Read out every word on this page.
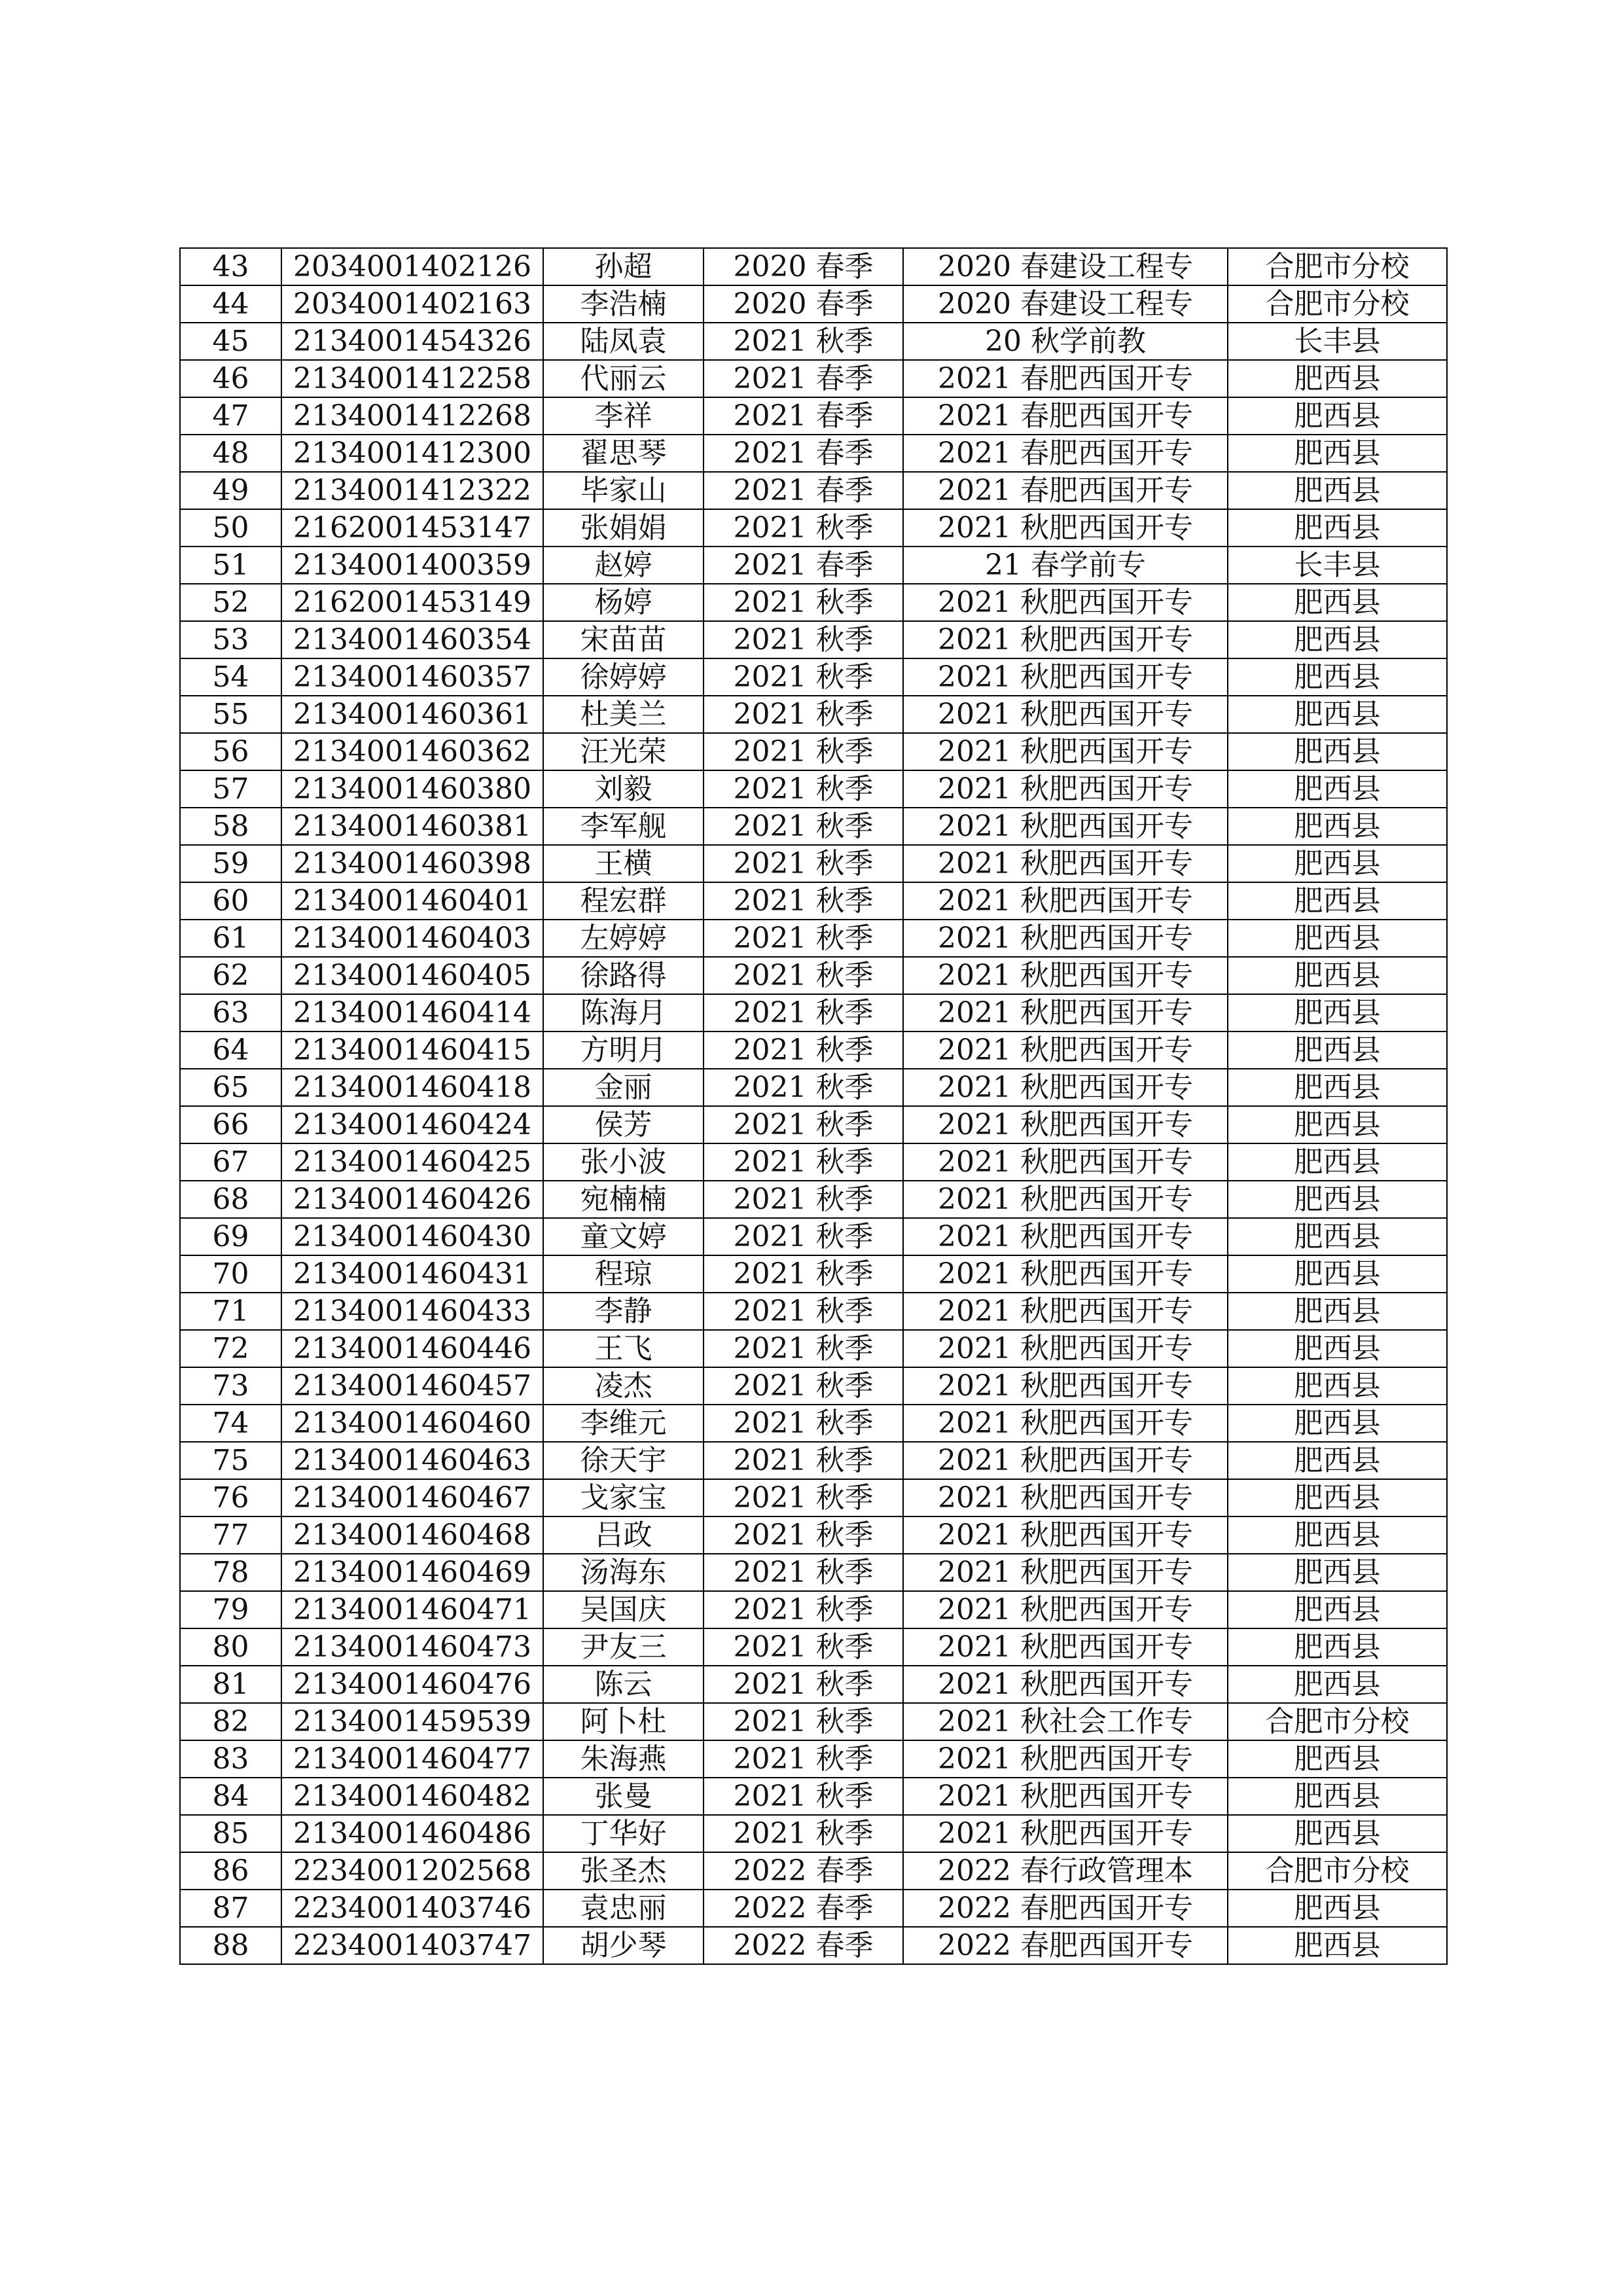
43	2034001402126	孙超	2020 春季	2020 春建设工程专	合肥市分校
44	2034001402163	李浩楠	2020 春季	2020 春建设工程专	合肥市分校
45	2134001454326	陆凤袁	2021 秋季	20 秋学前教	长丰县
46	2134001412258	代丽云	2021 春季	2021 春肥西国开专	肥西县
47	2134001412268	李祥	2021 春季	2021 春肥西国开专	肥西县
48	2134001412300	翟思琴	2021 春季	2021 春肥西国开专	肥西县
49	2134001412322	毕家山	2021 春季	2021 春肥西国开专	肥西县
50	2162001453147	张娟娟	2021 秋季	2021 秋肥西国开专	肥西县
51	2134001400359	赵婷	2021 春季	21 春学前专	长丰县
52	2162001453149	杨婷	2021 秋季	2021 秋肥西国开专	肥西县
53	2134001460354	宋苗苗	2021 秋季	2021 秋肥西国开专	肥西县
54	2134001460357	徐婷婷	2021 秋季	2021 秋肥西国开专	肥西县
55	2134001460361	杜美兰	2021 秋季	2021 秋肥西国开专	肥西县
56	2134001460362	汪光荣	2021 秋季	2021 秋肥西国开专	肥西县
57	2134001460380	刘毅	2021 秋季	2021 秋肥西国开专	肥西县
58	2134001460381	李军舰	2021 秋季	2021 秋肥西国开专	肥西县
59	2134001460398	王横	2021 秋季	2021 秋肥西国开专	肥西县
60	2134001460401	程宏群	2021 秋季	2021 秋肥西国开专	肥西县
61	2134001460403	左婷婷	2021 秋季	2021 秋肥西国开专	肥西县
62	2134001460405	徐路得	2021 秋季	2021 秋肥西国开专	肥西县
63	2134001460414	陈海月	2021 秋季	2021 秋肥西国开专	肥西县
64	2134001460415	方明月	2021 秋季	2021 秋肥西国开专	肥西县
65	2134001460418	金丽	2021 秋季	2021 秋肥西国开专	肥西县
66	2134001460424	侯芳	2021 秋季	2021 秋肥西国开专	肥西县
67	2134001460425	张小波	2021 秋季	2021 秋肥西国开专	肥西县
68	2134001460426	宛楠楠	2021 秋季	2021 秋肥西国开专	肥西县
69	2134001460430	童文婷	2021 秋季	2021 秋肥西国开专	肥西县
70	2134001460431	程琼	2021 秋季	2021 秋肥西国开专	肥西县
71	2134001460433	李静	2021 秋季	2021 秋肥西国开专	肥西县
72	2134001460446	王飞	2021 秋季	2021 秋肥西国开专	肥西县
73	2134001460457	凌杰	2021 秋季	2021 秋肥西国开专	肥西县
74	2134001460460	李维元	2021 秋季	2021 秋肥西国开专	肥西县
75	2134001460463	徐天宇	2021 秋季	2021 秋肥西国开专	肥西县
76	2134001460467	戈家宝	2021 秋季	2021 秋肥西国开专	肥西县
77	2134001460468	吕政	2021 秋季	2021 秋肥西国开专	肥西县
78	2134001460469	汤海东	2021 秋季	2021 秋肥西国开专	肥西县
79	2134001460471	吴国庆	2021 秋季	2021 秋肥西国开专	肥西县
80	2134001460473	尹友三	2021 秋季	2021 秋肥西国开专	肥西县
81	2134001460476	陈云	2021 秋季	2021 秋肥西国开专	肥西县
82	2134001459539	阿卜杜	2021 秋季	2021 秋社会工作专	合肥市分校
83	2134001460477	朱海燕	2021 秋季	2021 秋肥西国开专	肥西县
84	2134001460482	张曼	2021 秋季	2021 秋肥西国开专	肥西县
85	2134001460486	丁华好	2021 秋季	2021 秋肥西国开专	肥西县
86	2234001202568	张圣杰	2022 春季	2022 春行政管理本	合肥市分校
87	2234001403746	袁忠丽	2022 春季	2022 春肥西国开专	肥西县
88	2234001403747	胡少琴	2022 春季	2022 春肥西国开专	肥西县
